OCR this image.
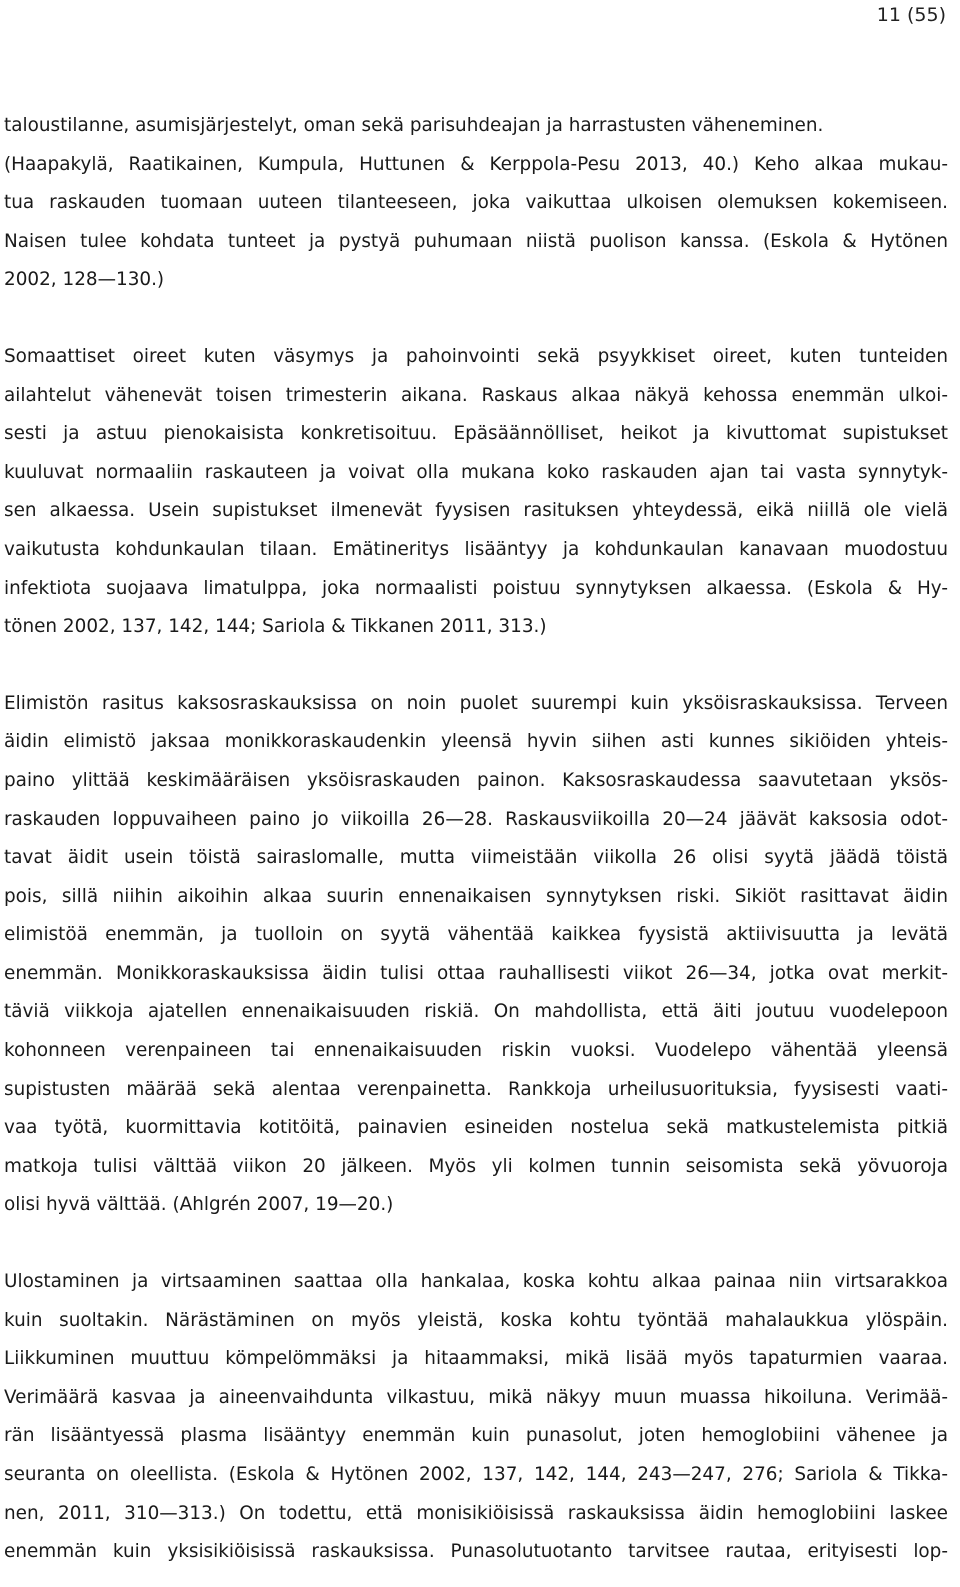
11 (55)

taloustilanne, asumisjärjestelyt, oman sekä parisuhdeajan ja harrastusten väheneminen.
(Haapakylä, Raatikainen, Kumpula, Huttunen & Kerppola-Pesu 2013, 40.) Keho alkaa mukau-
tua raskauden tuomaan uuteen tilanteeseen, joka vaikuttaa ulkoisen olemuksen kokemiseen.
Naisen tulee kohdata tunteet ja pystyä puhumaan niistä puolison kanssa. (Eskola & Hytönen
2002, 128—130.)

Somaattiset oireet kuten väsymys ja pahoinvointi sekä psyykkiset oireet, kuten tunteiden
ailahtelut vähenevät toisen trimesterin aikana. Raskaus alkaa näkyä kehossa enemmän ulkoi-
sesti ja astuu pienokaisista konkretisoituu. Epäsäännölliset, heikot ja kivuttomat supistukset
kuuluvat normaaliin raskauteen ja voivat olla mukana koko raskauden ajan tai vasta synnytyk-
sen alkaessa. Usein supistukset ilmenevät fyysisen rasituksen yhteydessä, eikä niillä ole vielä
vaikutusta kohdunkaulan tilaan. Emätineritys lisääntyy ja kohdunkaulan kanavaan muodostuu
infektiota suojaava limatulppa, joka normaalisti poistuu synnytyksen alkaessa. (Eskola & Hy-
tönen 2002, 137, 142, 144; Sariola & Tikkanen 2011, 313.)

Elimistön rasitus kaksosraskauksissa on noin puolet suurempi kuin yksöisraskauksissa. Terveen
äidin elimistö jaksaa monikkoraskaudenkin yleensä hyvin siihen asti kunnes sikiöiden yhteis-
paino ylittää keskimääräisen yksöisraskauden painon. Kaksosraskaudessa saavutetaan yksös-
raskauden loppuvaiheen paino jo viikoilla 26—28. Raskausviikoilla 20—24 jäävät kaksosia odot-
tavat äidit usein töistä sairaslomalle, mutta viimeistään viikolla 26 olisi syytä jäädä töistä
pois, sillä niihin aikoihin alkaa suurin ennenaikaisen synnytyksen riski. Sikiöt rasittavat äidin
elimistöä enemmän, ja tuolloin on syytä vähentää kaikkea fyysistä aktiivisuutta ja levätä
enemmän. Monikkoraskauksissa äidin tulisi ottaa rauhallisesti viikot 26—34, jotka ovat merkit-
täviä viikkoja ajatellen ennenaikaisuuden riskiä. On mahdollista, että äiti joutuu vuodelepoon
kohonneen verenpaineen tai ennenaikaisuuden riskin vuoksi. Vuodelepo vähentää yleensä
supistusten määrää sekä alentaa verenpainetta. Rankkoja urheilusuorituksia, fyysisesti vaati-
vaa työtä, kuormittavia kotitöitä, painavien esineiden nostelua sekä matkustelemista pitkiä
matkoja tulisi välttää viikon 20 jälkeen. Myös yli kolmen tunnin seisomista sekä yövuoroja
olisi hyvä välttää. (Ahlgrén 2007, 19—20.)

Ulostaminen ja virtsaaminen saattaa olla hankalaa, koska kohtu alkaa painaa niin virtsarakkoa
kuin suoltakin. Närästäminen on myös yleistä, koska kohtu työntää mahalaukkua ylöspäin.
Liikkuminen muuttuu kömpelömmäksi ja hitaammaksi, mikä lisää myös tapaturmien vaaraa.
Verimäärä kasvaa ja aineenvaihdunta vilkastuu, mikä näkyy muun muassa hikoiluna. Verimää-
rän lisääntyessä plasma lisääntyy enemmän kuin punasolut, joten hemoglobiini vähenee ja
seuranta on oleellista. (Eskola & Hytönen 2002, 137, 142, 144, 243—247, 276; Sariola & Tikka-
nen, 2011, 310—313.) On todettu, että monisikiöisissä raskauksissa äidin hemoglobiini laskee
enemmän kuin yksisikiöisissä raskauksissa. Punasolutuotanto tarvitsee rautaa, erityisesti lop-
